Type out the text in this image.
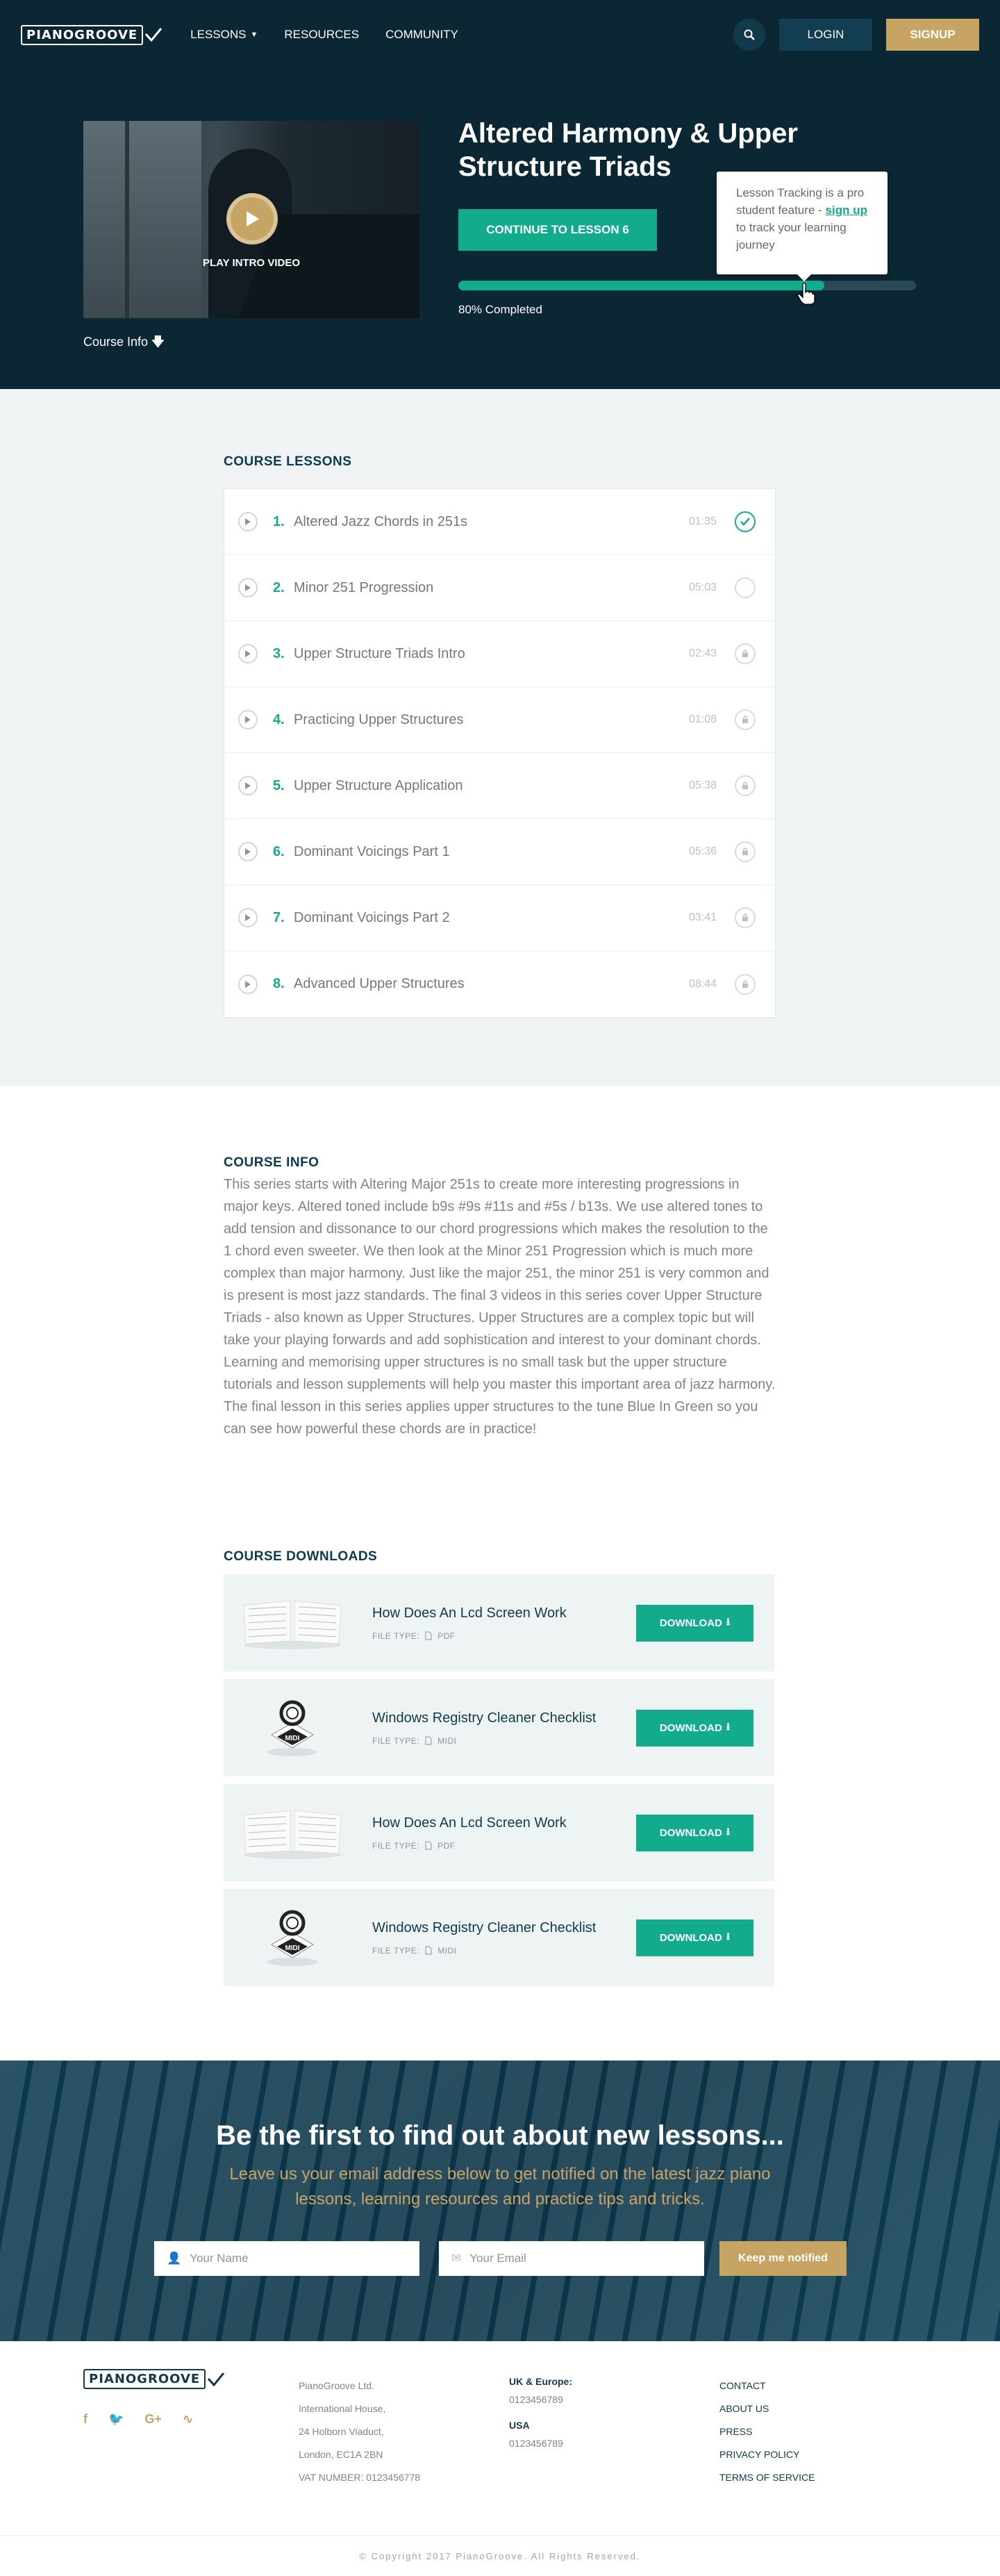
PIANOGROOVE	LESSONS ▼ RESOURCES COMMUNITY	LOGIN	SIGNUP
PLAY INTRO VIDEO
Course Info 🡇
Altered Harmony & Upper Structure Triads
CONTINUE TO LESSON 6
80% Completed
Lesson Tracking is a pro student feature - sign up to track your learning journey
COURSE LESSONS
1. Altered Jazz Chords in 251s	01:35
2. Minor 251 Progression	05:03
3. Upper Structure Triads Intro	02:43
4. Practicing Upper Structures	01:08
5. Upper Structure Application	05:38
6. Dominant Voicings Part 1	05:36
7. Dominant Voicings Part 2	03:41
8. Advanced Upper Structures	08:44
COURSE INFO

This series starts with Altering Major 251s to create more interesting progressions in major keys. Altered toned include b9s #9s #11s and #5s / b13s. We use altered tones to add tension and dissonance to our chord progressions which makes the resolution to the 1 chord even sweeter. We then look at the Minor 251 Progression which is much more complex than major harmony. Just like the major 251, the minor 251 is very common and is present is most jazz standards. The final 3 videos in this series cover Upper Structure Triads - also known as Upper Structures. Upper Structures are a complex topic but will take your playing forwards and add sophistication and interest to your dominant chords. Learning and memorising upper structures is no small task but the upper structure tutorials and lesson supplements will help you master this important area of jazz harmony. The final lesson in this series applies upper structures to the tune Blue In Green so you can see how powerful these chords are in practice!

COURSE DOWNLOADS
How Does An Lcd Screen Work
FILE TYPE: PDF
DOWNLOAD ⭳
MIDI
Windows Registry Cleaner Checklist
FILE TYPE: MIDI
DOWNLOAD ⭳
How Does An Lcd Screen Work
FILE TYPE: PDF
DOWNLOAD ⭳
MIDI
Windows Registry Cleaner Checklist
FILE TYPE: MIDI
DOWNLOAD ⭳
Be the first to find out about new lessons...

Leave us your email address below to get notified on the latest jazz piano lessons, learning resources and practice tips and tricks.

👤 Your Name	✉ Your Email	Keep me notified
PIANOGROOVE
f 🐦 G+ ∿
PianoGroove Ltd.
International House,
24 Holborn Viaduct,
London, EC1A 2BN
VAT NUMBER: 0123456778
UK & Europe:
0123456789
USA
0123456789
CONTACT
ABOUT US
PRESS
PRIVACY POLICY
TERMS OF SERVICE
© Copyright 2017 PianoGroove. All Rights Reserved.
